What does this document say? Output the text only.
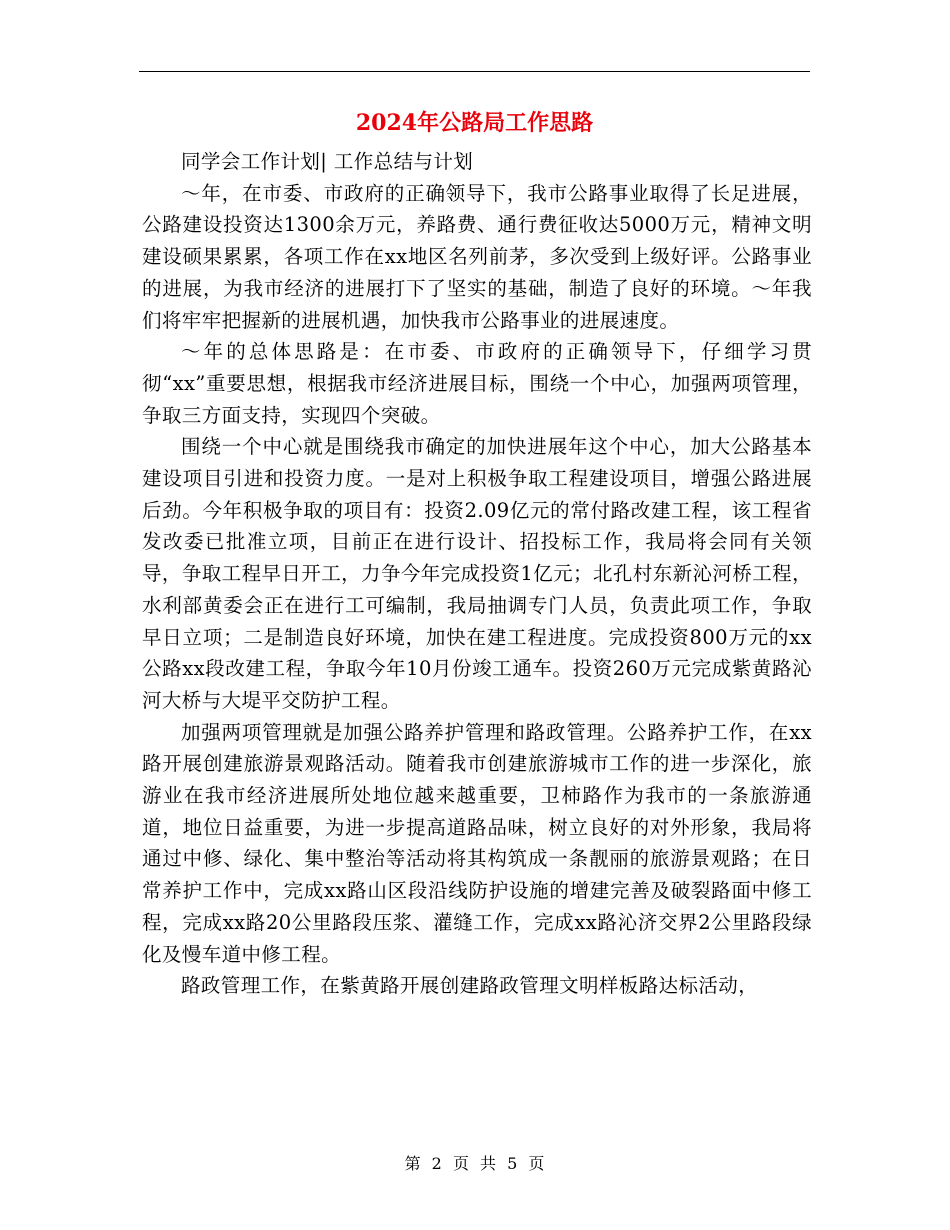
2024年公路局工作思路

同学会工作计划| 工作总结与计划

～年，在市委、市政府的正确领导下，我市公路事业取得了长足进展，公路建设投资达1300余万元，养路费、通行费征收达5000万元，精神文明建设硕果累累，各项工作在xx地区名列前茅，多次受到上级好评。公路事业的进展，为我市经济的进展打下了坚实的基础，制造了良好的环境。～年我们将牢牢把握新的进展机遇，加快我市公路事业的进展速度。

～年的总体思路是：在市委、市政府的正确领导下，仔细学习贯彻“xx”重要思想，根据我市经济进展目标，围绕一个中心，加强两项管理，争取三方面支持，实现四个突破。

围绕一个中心就是围绕我市确定的加快进展年这个中心，加大公路基本建设项目引进和投资力度。一是对上积极争取工程建设项目，增强公路进展后劲。今年积极争取的项目有：投资2.09亿元的常付路改建工程，该工程省发改委已批准立项，目前正在进行设计、招投标工作，我局将会同有关领导，争取工程早日开工，力争今年完成投资1亿元；北孔村东新沁河桥工程，水利部黄委会正在进行工可编制，我局抽调专门人员，负责此项工作，争取早日立项；二是制造良好环境，加快在建工程进度。完成投资800万元的xx公路xx段改建工程，争取今年10月份竣工通车。投资260万元完成紫黄路沁河大桥与大堤平交防护工程。

加强两项管理就是加强公路养护管理和路政管理。公路养护工作，在xx路开展创建旅游景观路活动。随着我市创建旅游城市工作的进一步深化，旅游业在我市经济进展所处地位越来越重要，卫柿路作为我市的一条旅游通道，地位日益重要，为进一步提高道路品味，树立良好的对外形象，我局将通过中修、绿化、集中整治等活动将其构筑成一条靓丽的旅游景观路；在日常养护工作中，完成xx路山区段沿线防护设施的增建完善及破裂路面中修工程，完成xx路20公里路段压浆、灌缝工作，完成xx路沁济交界2公里路段绿化及慢车道中修工程。

路政管理工作，在紫黄路开展创建路政管理文明样板路达标活动，

第 2 页 共 5 页
